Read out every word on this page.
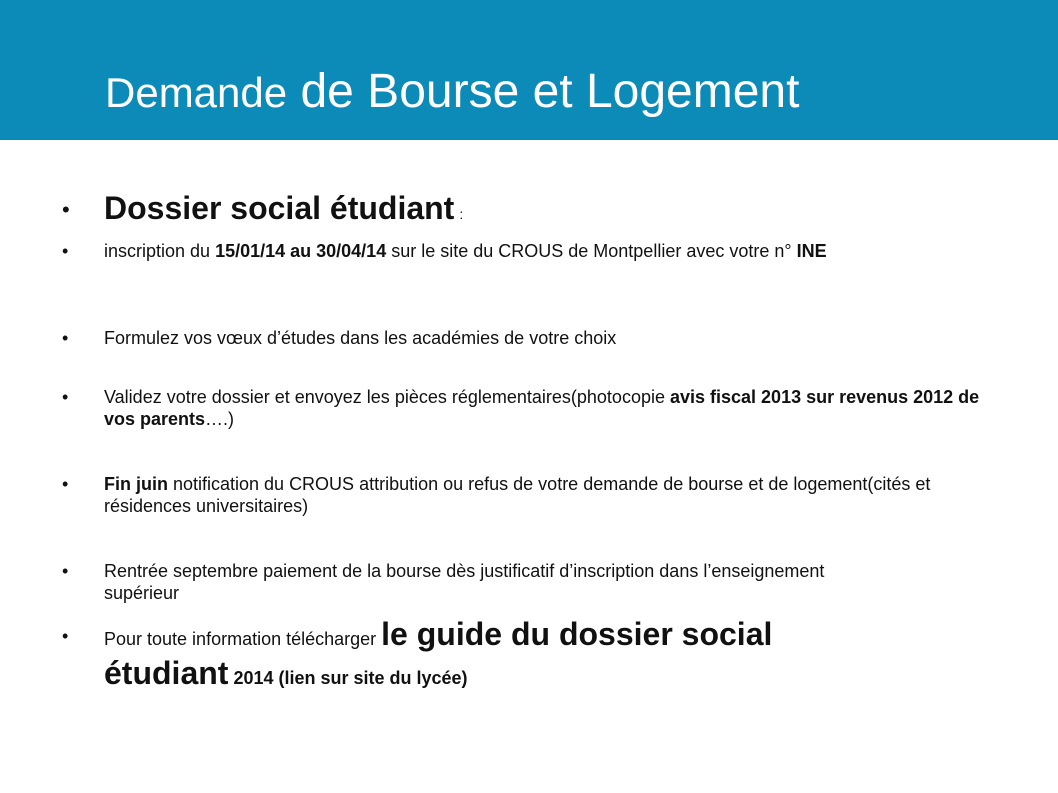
Demande de Bourse et Logement
• Dossier social étudiant :
• inscription du 15/01/14 au 30/04/14 sur le site du CROUS de Montpellier avec votre n° INE
• Formulez vos vœux d’études dans les académies de votre choix
• Validez votre dossier et envoyez les pièces réglementaires(photocopie avis fiscal 2013 sur revenus 2012 de vos parents….)
• Fin juin notification du CROUS attribution ou refus de votre demande de bourse et de logement(cités et résidences universitaires)
• Rentrée septembre paiement de la bourse dès justificatif d’inscription dans l’enseignement supérieur
• Pour toute information télécharger le guide du dossier social étudiant 2014 (lien sur site du lycée)
